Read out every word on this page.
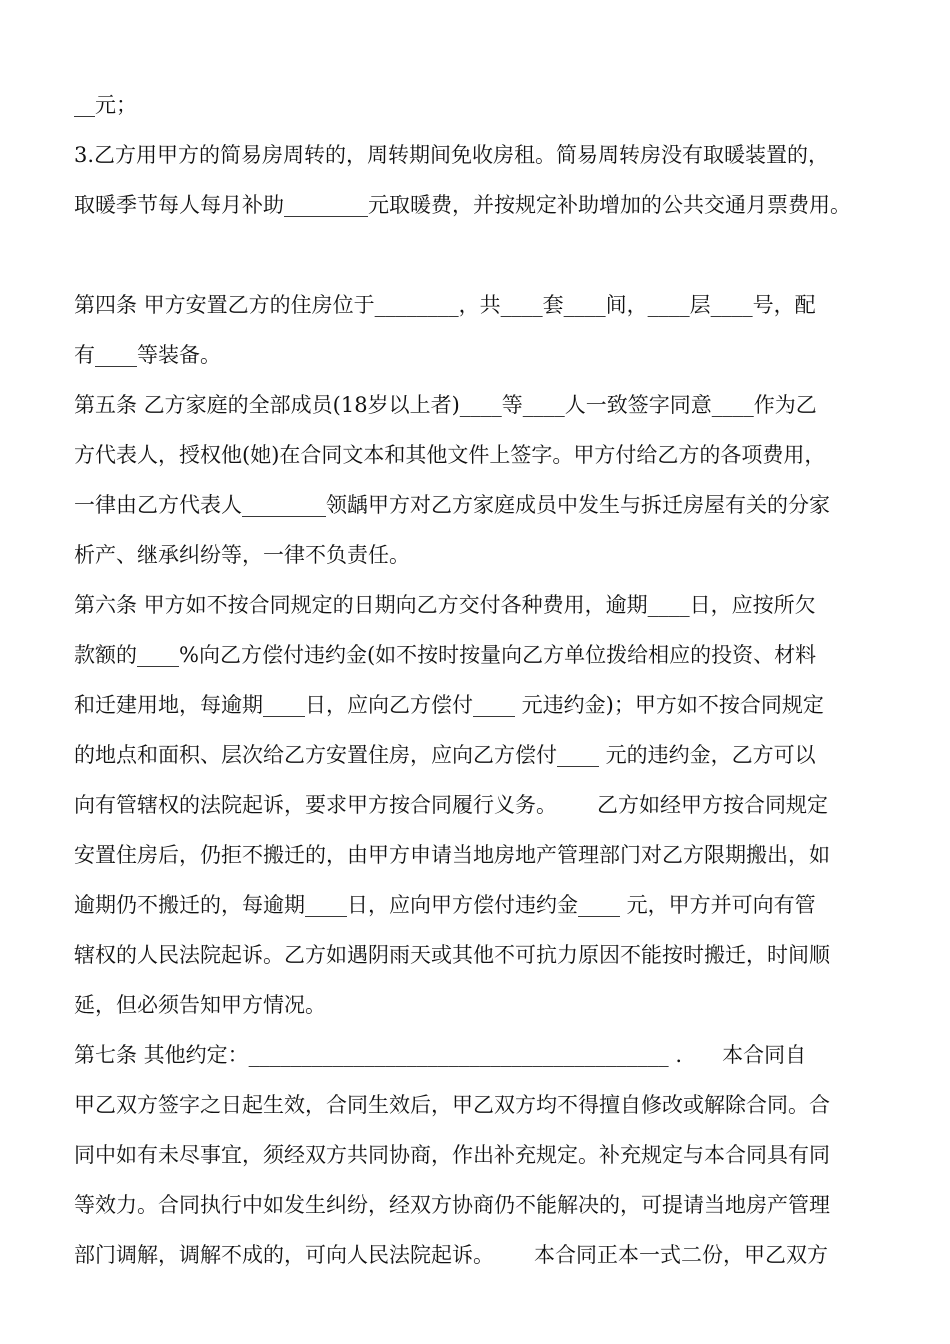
__元；
3.乙方用甲方的简易房周转的，周转期间免收房租。简易周转房没有取暖装置的，
取暖季节每人每月补助________元取暖费，并按规定补助增加的公共交通月票费用。
第四条 甲方安置乙方的住房位于________，共____套____间，____层____号，配
有____等装备。
第五条 乙方家庭的全部成员(18岁以上者)____等____人一致签字同意____作为乙
方代表人，授权他(她)在合同文本和其他文件上签字。甲方付给乙方的各项费用，
一律由乙方代表人________领龋甲方对乙方家庭成员中发生与拆迁房屋有关的分家
析产、继承纠纷等，一律不负责任。
第六条 甲方如不按合同规定的日期向乙方交付各种费用，逾期____日，应按所欠
款额的____%向乙方偿付违约金(如不按时按量向乙方单位拨给相应的投资、材料
和迁建用地，每逾期____日，应向乙方偿付____ 元违约金)；甲方如不按合同规定
的地点和面积、层次给乙方安置住房，应向乙方偿付____ 元的违约金，乙方可以
向有管辖权的法院起诉，要求甲方按合同履行义务。      乙方如经甲方按合同规定
安置住房后，仍拒不搬迁的，由甲方申请当地房地产管理部门对乙方限期搬出，如
逾期仍不搬迁的，每逾期____日，应向甲方偿付违约金____ 元，甲方并可向有管
辖权的人民法院起诉。乙方如遇阴雨天或其他不可抗力原因不能按时搬迁，时间顺
延，但必须告知甲方情况。
第七条 其他约定：________________________________________ .      本合同自
甲乙双方签字之日起生效，合同生效后，甲乙双方均不得擅自修改或解除合同。合
同中如有未尽事宜，须经双方共同协商，作出补充规定。补充规定与本合同具有同
等效力。合同执行中如发生纠纷，经双方协商仍不能解决的，可提请当地房产管理
部门调解，调解不成的，可向人民法院起诉。      本合同正本一式二份，甲乙双方
